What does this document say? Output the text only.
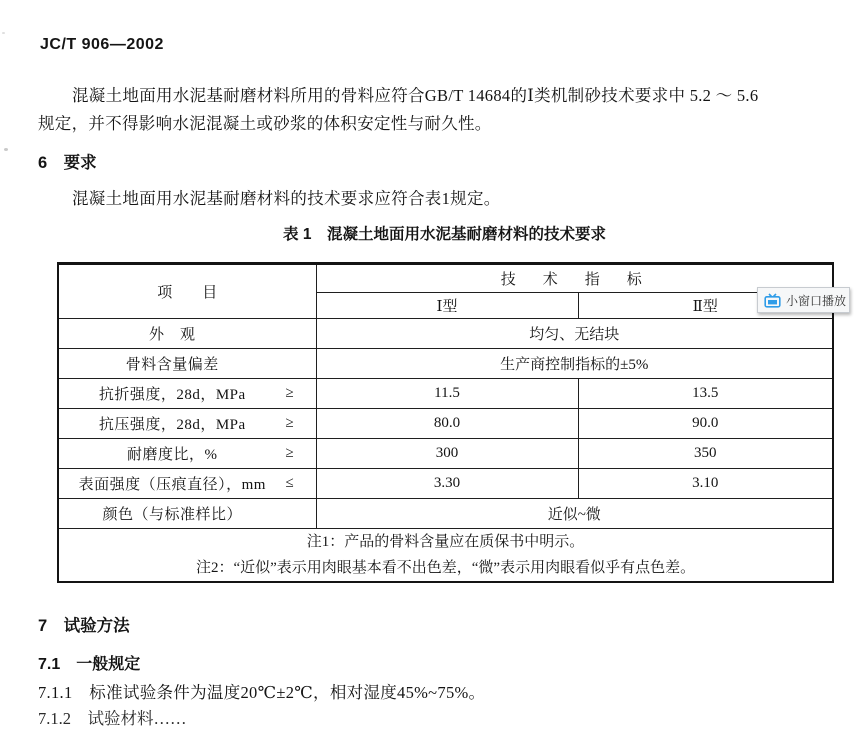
JC/T 906—2002
混凝土地面用水泥基耐磨材料所用的骨料应符合GB/T 14684的Ⅰ类机制砂技术要求中 5.2 ～ 5.6
规定，并不得影响水泥混凝土或砂浆的体积安定性与耐久性。
6　要求
混凝土地面用水泥基耐磨材料的技术要求应符合表1规定。
表 1　混凝土地面用水泥基耐磨材料的技术要求
项　　目	技　术　指　标	
	Ⅰ型	Ⅱ型

外　观	均匀、无结块	

骨料含量偏差	生产商控制指标的±5%	

抗折强度，28d，MPa ≥	11.5	13.5

抗压强度，28d，MPa ≥	80.0	90.0

耐磨度比，% ≥	300	350

表面强度（压痕直径），mm ≤	3.30	3.10

颜色（与标准样比）	近似~微	

注1：产品的骨料含量应在质保书中明示。
注2：“近似”表示用肉眼基本看不出色差，“微”表示用肉眼看似乎有点色差。		
小窗口播放
7　试验方法
7.1　一般规定
7.1.1　标准试验条件为温度20℃±2℃，相对湿度45%~75%。
7.1.2　试验材料……
